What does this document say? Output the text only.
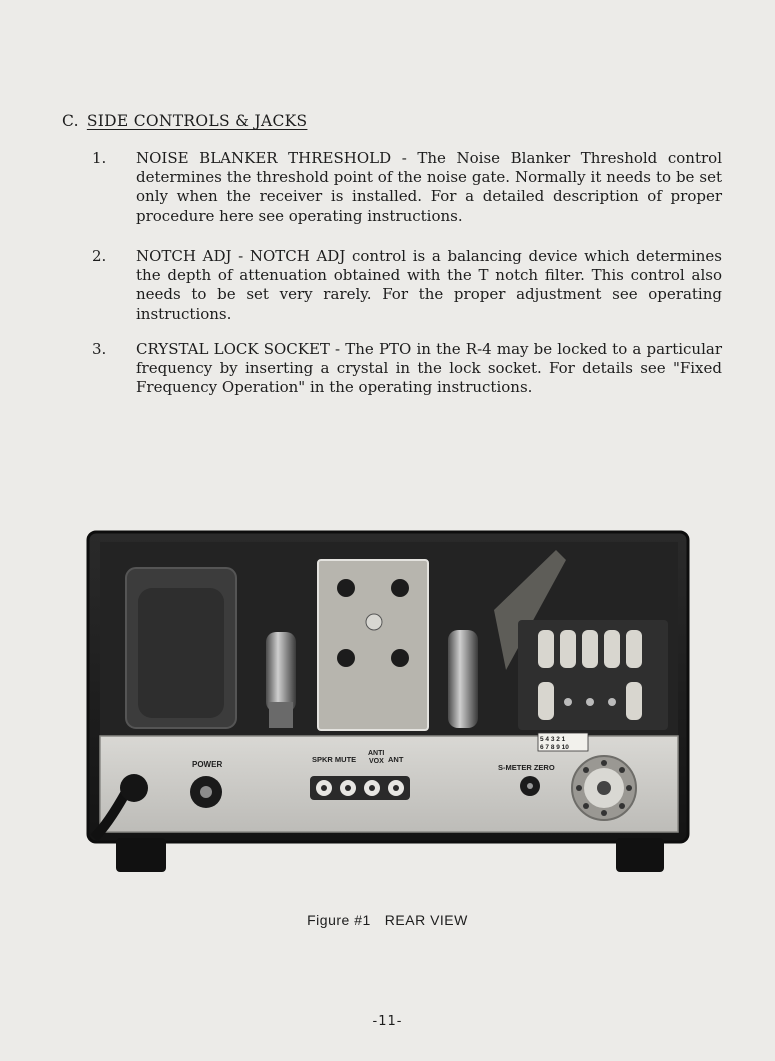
C. SIDE CONTROLS & JACKS
1. NOISE BLANKER THRESHOLD - The Noise Blanker Threshold control determines the threshold point of the noise gate. Normally it needs to be set only when the receiver is installed. For a detailed description of proper procedure here see operating instructions.
2. NOTCH ADJ - NOTCH ADJ control is a balancing device which determines the depth of attenuation obtained with the T notch filter. This control also needs to be set very rarely. For the proper adjustment see operating instructions.
3. CRYSTAL LOCK SOCKET - The PTO in the R-4 may be locked to a particular frequency by inserting a crystal in the lock socket. For details see "Fixed Frequency Operation" in the operating instructions.
POWER
SPKR MUTE
ANTI
VOX ANT
S-METER ZERO
5 4 3 2 1
6 7 8 9 10
Figure #1 REAR VIEW
-11-
